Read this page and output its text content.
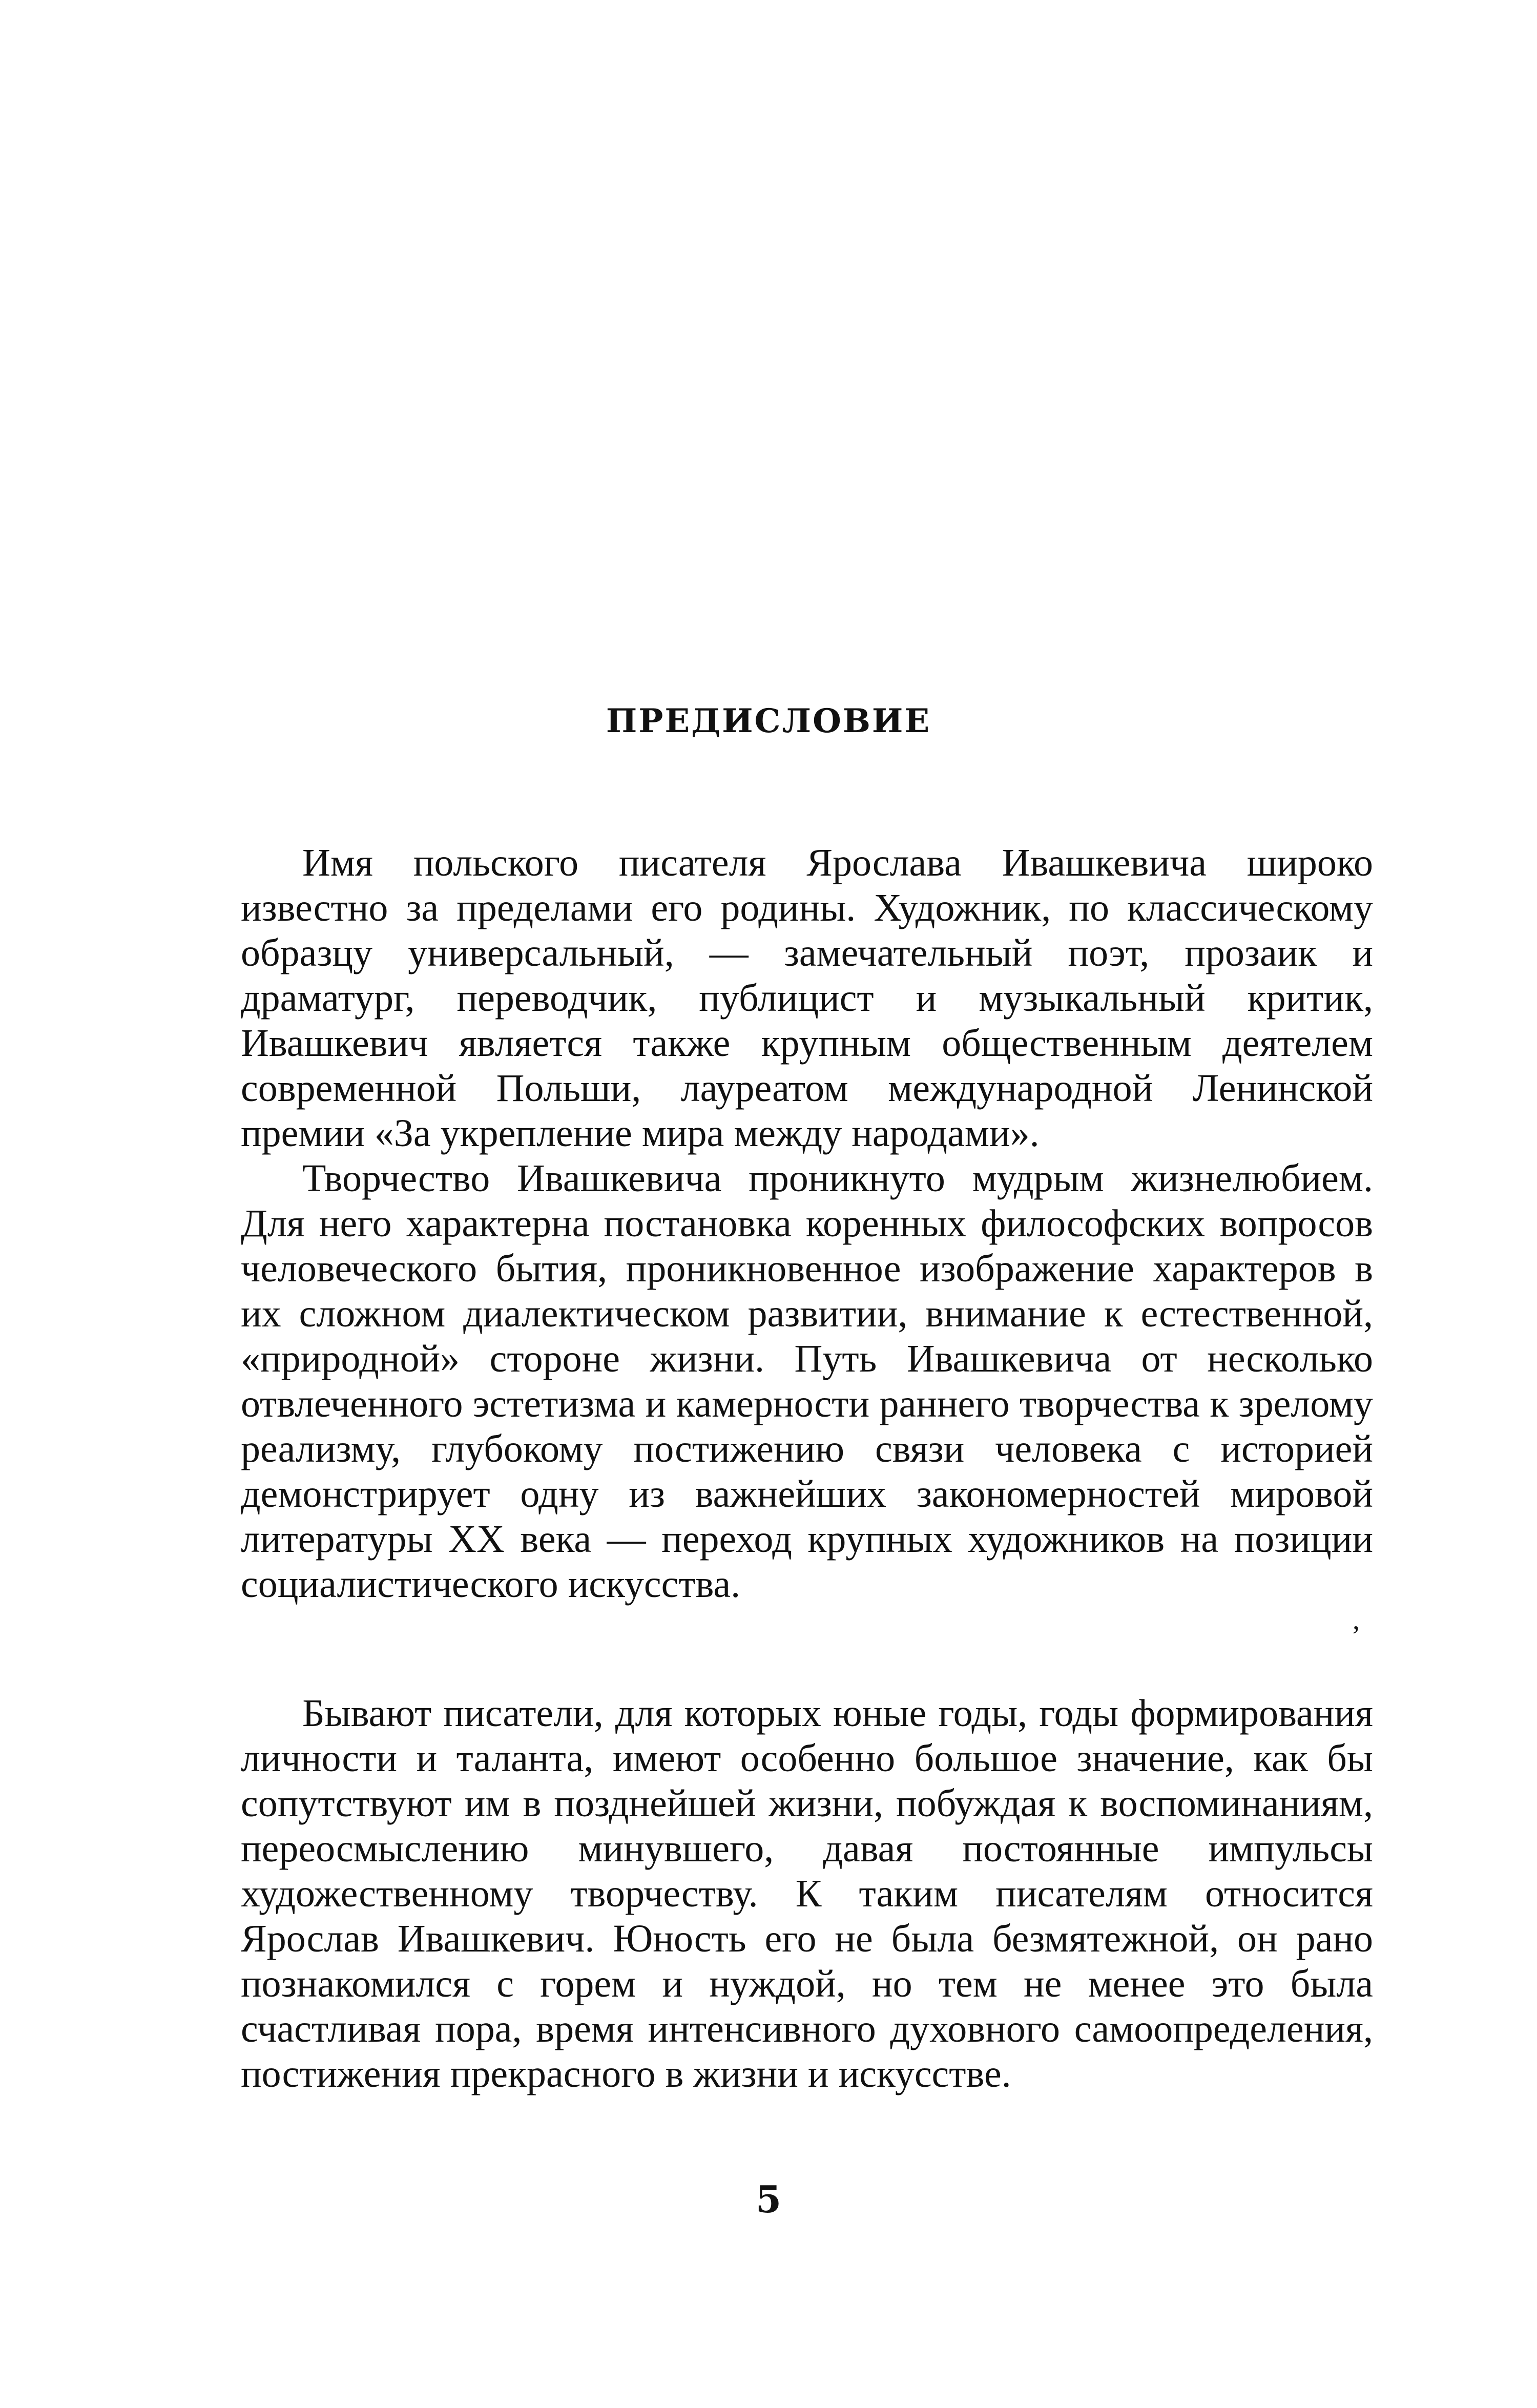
ПРЕДИСЛОВИЕ

Имя польского писателя Ярослава Ивашкевича широко известно за пределами его родины. Художник, по классическому образцу универсальный, — замечательный поэт, прозаик и драматург, переводчик, публицист и музыкальный критик, Ивашкевич является также крупным общественным деятелем современной Польши, лауреатом международной Ленинской премии «За укрепление мира между народами».

Творчество Ивашкевича проникнуто мудрым жизнелюбием. Для него характерна постановка коренных философских вопросов человеческого бытия, проникновенное изображение характеров в их сложном диалектическом развитии, внимание к естественной, «природной» стороне жизни. Путь Ивашкевича от несколько отвлеченного эстетизма и камерности раннего творчества к зрелому реализму, глубокому постижению связи человека с историей демонстрирует одну из важнейших закономерностей мировой литературы XX века — переход крупных художников на позиции социалистического искусства.

,

Бывают писатели, для которых юные годы, годы формирования личности и таланта, имеют особенно большое значение, как бы сопутствуют им в позднейшей жизни, побуждая к воспоминаниям, переосмыслению минувшего, давая постоянные импульсы художественному творчеству. К таким писателям относится Ярослав Ивашкевич. Юность его не была безмятежной, он рано познакомился с горем и нуждой, но тем не менее это была счастливая пора, время интенсивного духовного самоопределения, постижения прекрасного в жизни и искусстве.

5
